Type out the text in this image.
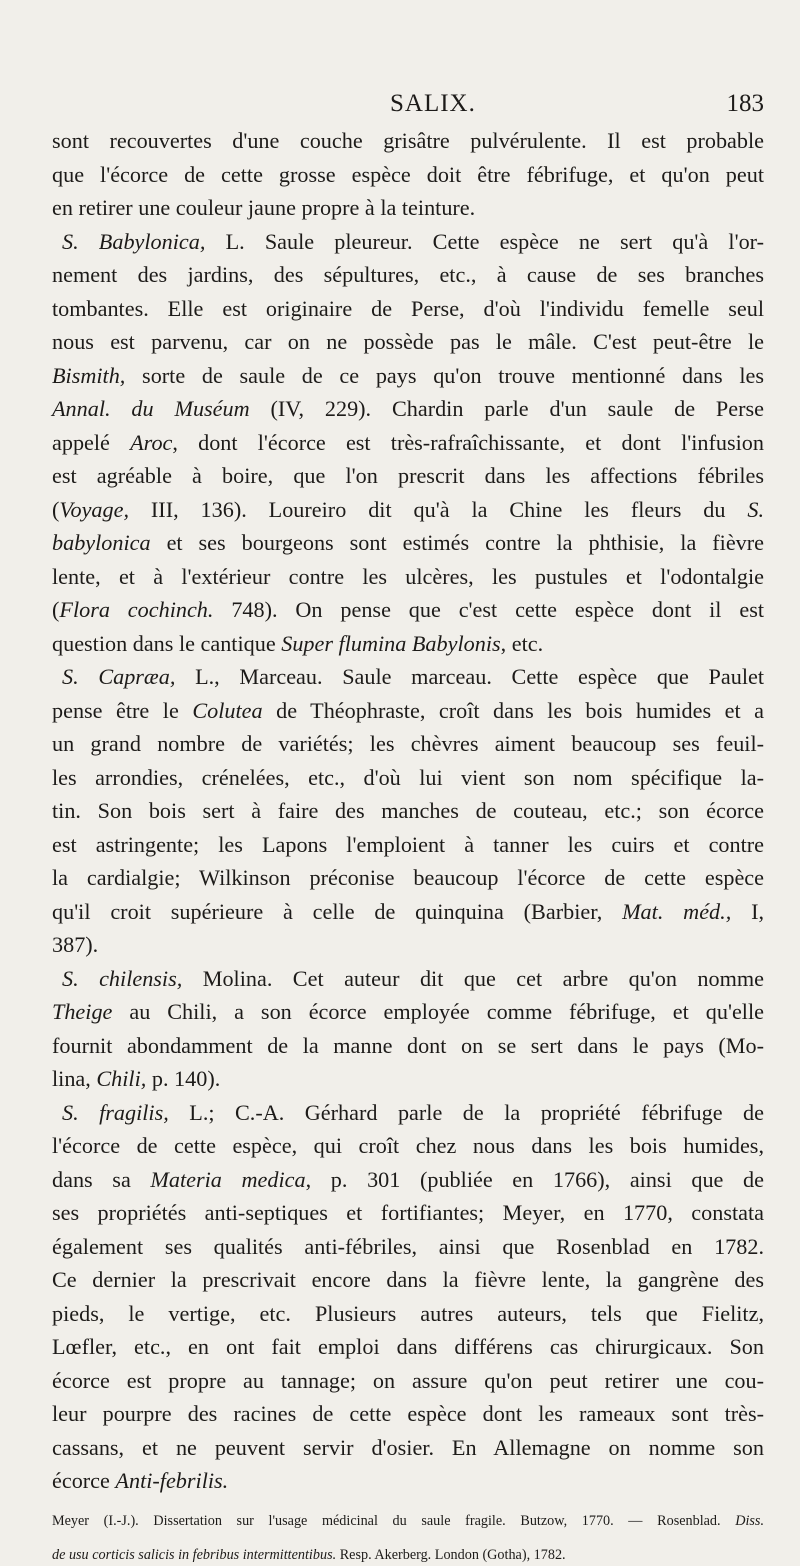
SALIX.	183

sont recouvertes d'une couche grisâtre pulvérulente. Il est probable

que l'écorce de cette grosse espèce doit être fébrifuge, et qu'on peut

en retirer une couleur jaune propre à la teinture.

S. Babylonica, L. Saule pleureur. Cette espèce ne sert qu'à l'or-

nement des jardins, des sépultures, etc., à cause de ses branches

tombantes. Elle est originaire de Perse, d'où l'individu femelle seul

nous est parvenu, car on ne possède pas le mâle. C'est peut-être le

Bismith, sorte de saule de ce pays qu'on trouve mentionné dans les

Annal. du Muséum (IV, 229). Chardin parle d'un saule de Perse

appelé Aroc, dont l'écorce est très-rafraîchissante, et dont l'infusion

est agréable à boire, que l'on prescrit dans les affections fébriles

(Voyage, III, 136). Loureiro dit qu'à la Chine les fleurs du S.

babylonica et ses bourgeons sont estimés contre la phthisie, la fièvre

lente, et à l'extérieur contre les ulcères, les pustules et l'odontalgie

(Flora cochinch. 748). On pense que c'est cette espèce dont il est

question dans le cantique Super flumina Babylonis, etc.

S. Capræa, L., Marceau. Saule marceau. Cette espèce que Paulet

pense être le Colutea de Théophraste, croît dans les bois humides et a

un grand nombre de variétés; les chèvres aiment beaucoup ses feuil-

les arrondies, crénelées, etc., d'où lui vient son nom spécifique la-

tin. Son bois sert à faire des manches de couteau, etc.; son écorce

est astringente; les Lapons l'emploient à tanner les cuirs et contre

la cardialgie; Wilkinson préconise beaucoup l'écorce de cette espèce

qu'il croit supérieure à celle de quinquina (Barbier, Mat. méd., I,

387).

S. chilensis, Molina. Cet auteur dit que cet arbre qu'on nomme

Theige au Chili, a son écorce employée comme fébrifuge, et qu'elle

fournit abondamment de la manne dont on se sert dans le pays (Mo-

lina, Chili, p. 140).

S. fragilis, L.; C.-A. Gérhard parle de la propriété fébrifuge de

l'écorce de cette espèce, qui croît chez nous dans les bois humides,

dans sa Materia medica, p. 301 (publiée en 1766), ainsi que de

ses propriétés anti-septiques et fortifiantes; Meyer, en 1770, constata

également ses qualités anti-fébriles, ainsi que Rosenblad en 1782.

Ce dernier la prescrivait encore dans la fièvre lente, la gangrène des

pieds, le vertige, etc. Plusieurs autres auteurs, tels que Fielitz,

Lœfler, etc., en ont fait emploi dans différens cas chirurgicaux. Son

écorce est propre au tannage; on assure qu'on peut retirer une cou-

leur pourpre des racines de cette espèce dont les rameaux sont très-

cassans, et ne peuvent servir d'osier. En Allemagne on nomme son

écorce Anti-febrilis.

Meyer (I.-J.). Dissertation sur l'usage médicinal du saule fragile. Butzow, 1770. — Rosenblad. Diss.
de usu corticis salicis in febribus intermittentibus. Resp. Akerberg. London (Gotha), 1782.
